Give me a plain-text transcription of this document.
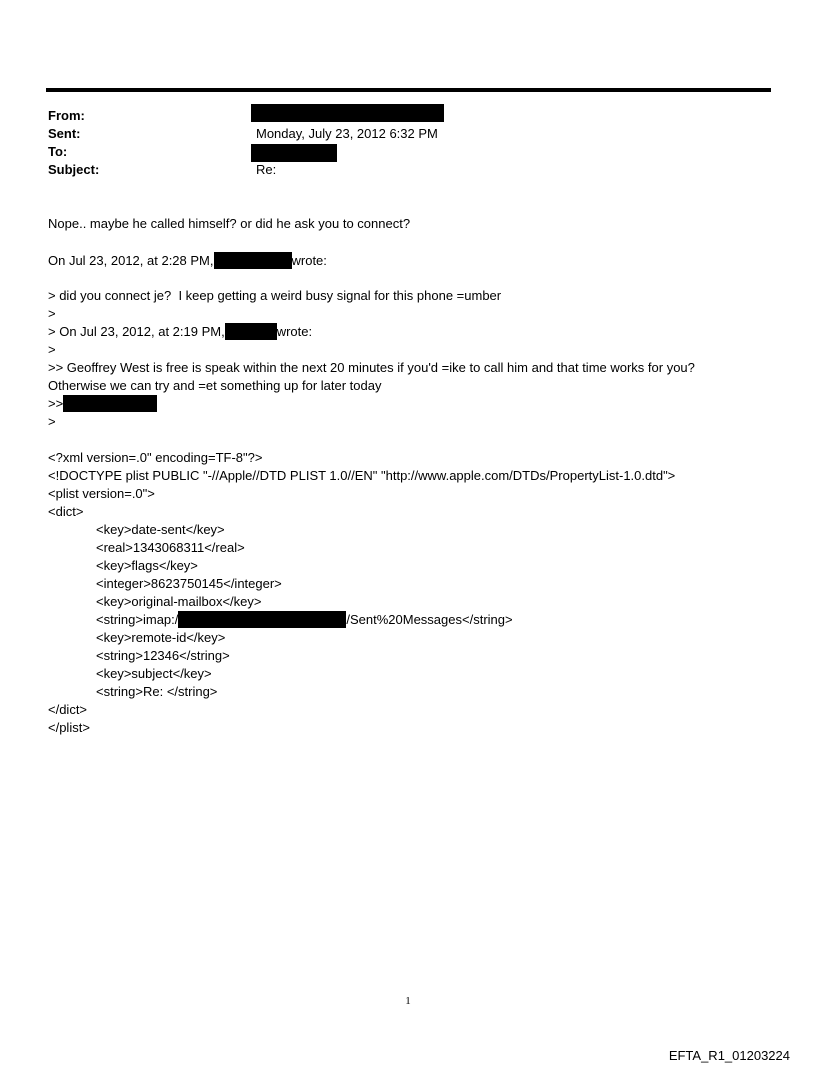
From:
Sent:	Monday, July 23, 2012 6:32 PM
To:
Subject:	Re:
Nope.. maybe he called himself? or did he ask you to connect?
On Jul 23, 2012, at 2:28 PM,	wrote:
> did you connect je?  I keep getting a weird busy signal for this phone =umber
>
> On Jul 23, 2012, at 2:19 PM,	wrote:
>
>> Geoffrey West is free is speak within the next 20 minutes if you'd =ike to call him and that time works for you?
Otherwise we can try and =et something up for later today
>>
>
<?xml version=.0" encoding=TF-8"?>
<!DOCTYPE plist PUBLIC "-//Apple//DTD PLIST 1.0//EN" "http://www.apple.com/DTDs/PropertyList-1.0.dtd">
<plist version=.0">
<dict>
<key>date-sent</key>
<real>1343068311</real>
<key>flags</key>
<integer>8623750145</integer>
<key>original-mailbox</key>
<string>imap:/	/Sent%20Messages</string>
<key>remote-id</key>
<string>12346</string>
<key>subject</key>
<string>Re: </string>
</dict>
</plist>
1
EFTA_R1_01203224
